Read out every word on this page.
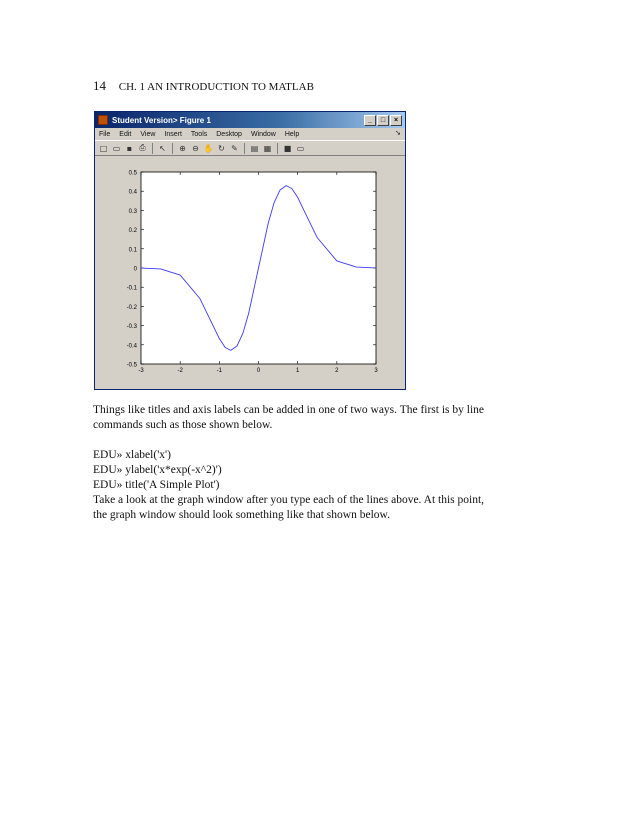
14 CH. 1 AN INTRODUCTION TO MATLAB
Student Version> Figure 1	_	□	×
File Edit View Insert Tools Desktop Window Help	➘
□ ▭ ▪ ⎙ ↖ ⊕ ⊖ ✋ ↻ ✎ ▤ ▦ ■ ▭
0.5
0.4
0.3
0.2
0.1
0
-0.1
-0.2
-0.3
-0.4
-0.5
-3	-2	-1	0	1	2	3
Things like titles and axis labels can be added in one of two ways. The first is by line commands such as those shown below.
EDU» xlabel('x')
EDU» ylabel('x*exp(-x^2)')
EDU» title('A Simple Plot')
Take a look at the graph window after you type each of the lines above. At this point, the graph window should look something like that shown below.
